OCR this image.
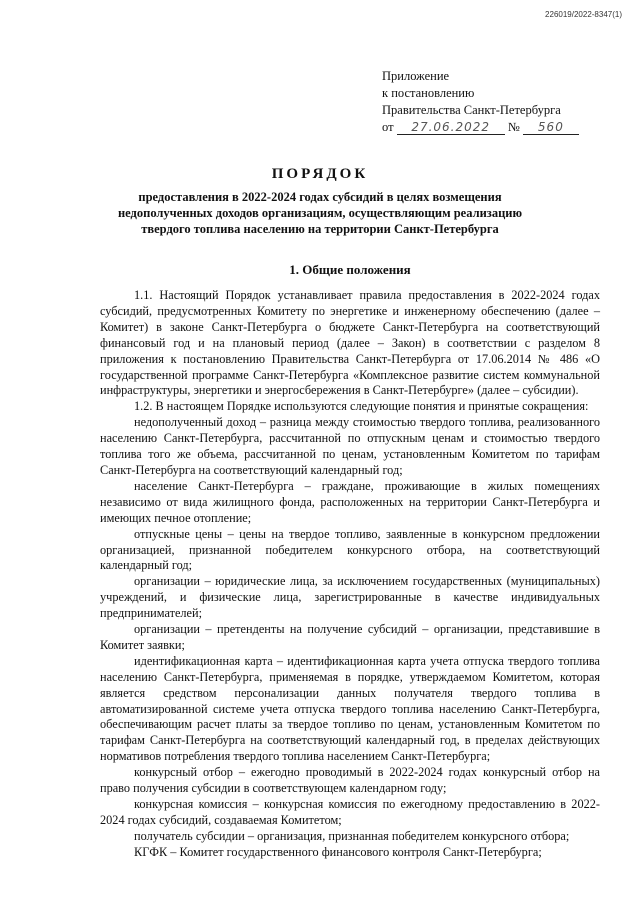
226019/2022-8347(1)
Приложение
к постановлению
Правительства Санкт-Петербурга
от 27.06.2022 № 560
ПОРЯДОК
предоставления в 2022-2024 годах субсидий в целях возмещения недополученных доходов организациям, осуществляющим реализацию твердого топлива населению на территории Санкт-Петербурга
1. Общие положения

1.1. Настоящий Порядок устанавливает правила предоставления в 2022-2024 годах субсидий, предусмотренных Комитету по энергетике и инженерному обеспечению (далее – Комитет) в законе Санкт-Петербурга о бюджете Санкт-Петербурга на соответствующий финансовый год и на плановый период (далее – Закон) в соответствии с разделом 8 приложения к постановлению Правительства Санкт-Петербурга от 17.06.2014 № 486 «О государственной программе Санкт-Петербурга «Комплексное развитие систем коммунальной инфраструктуры, энергетики и энергосбережения в Санкт-Петербурге» (далее – субсидии).

1.2. В настоящем Порядке используются следующие понятия и принятые сокращения:

недополученный доход – разница между стоимостью твердого топлива, реализованного населению Санкт-Петербурга, рассчитанной по отпускным ценам и стоимостью твердого топлива того же объема, рассчитанной по ценам, установленным Комитетом по тарифам Санкт-Петербурга на соответствующий календарный год;

население Санкт-Петербурга – граждане, проживающие в жилых помещениях независимо от вида жилищного фонда, расположенных на территории Санкт-Петербурга и имеющих печное отопление;

отпускные цены – цены на твердое топливо, заявленные в конкурсном предложении организацией, признанной победителем конкурсного отбора, на соответствующий календарный год;

организации – юридические лица, за исключением государственных (муниципальных) учреждений, и физические лица, зарегистрированные в качестве индивидуальных предпринимателей;

организации – претенденты на получение субсидий – организации, представившие в Комитет заявки;

идентификационная карта – идентификационная карта учета отпуска твердого топлива населению Санкт-Петербурга, применяемая в порядке, утверждаемом Комитетом, которая является средством персонализации данных получателя твердого топлива в автоматизированной системе учета отпуска твердого топлива населению Санкт-Петербурга, обеспечивающим расчет платы за твердое топливо по ценам, установленным Комитетом по тарифам Санкт-Петербурга на соответствующий календарный год, в пределах действующих нормативов потребления твердого топлива населением Санкт-Петербурга;

конкурсный отбор – ежегодно проводимый в 2022-2024 годах конкурсный отбор на право получения субсидии в соответствующем календарном году;

конкурсная комиссия – конкурсная комиссия по ежегодному предоставлению в 2022-2024 годах субсидий, создаваемая Комитетом;

получатель субсидии – организация, признанная победителем конкурсного отбора;

КГФК – Комитет государственного финансового контроля Санкт-Петербурга;
